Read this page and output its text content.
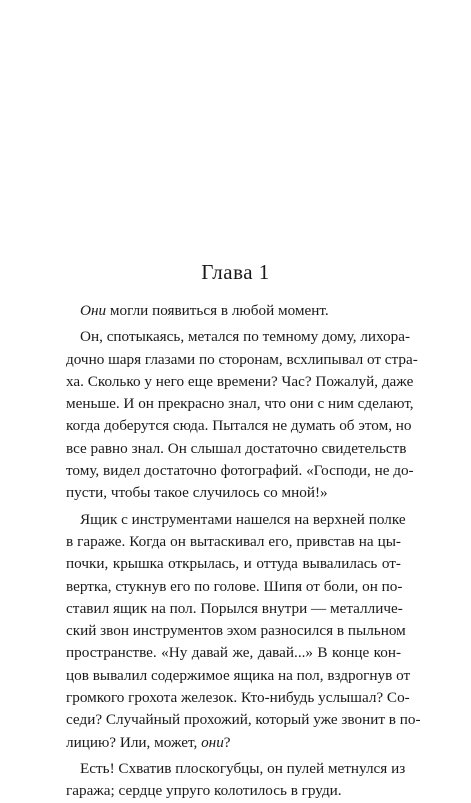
Глава 1
Они могли появиться в любой момент.
Он, спотыкаясь, метался по темному дому, лихора-
дочно шаря глазами по сторонам, всхлипывал от стра-
ха. Сколько у него еще времени? Час? Пожалуй, даже
меньше. И он прекрасно знал, что они с ним сделают,
когда доберутся сюда. Пытался не думать об этом, но
все равно знал. Он слышал достаточно свидетельств
тому, видел достаточно фотографий. «Господи, не до-
пусти, чтобы такое случилось со мной!»
Ящик с инструментами нашелся на верхней полке
в гараже. Когда он вытаскивал его, привстав на цы-
почки, крышка открылась, и оттуда вывалилась от-
вертка, стукнув его по голове. Шипя от боли, он по-
ставил ящик на пол. Порылся внутри — металличе-
ский звон инструментов эхом разносился в пыльном
пространстве. «Ну давай же, давай...» В конце кон-
цов вывалил содержимое ящика на пол, вздрогнув от
громкого грохота железок. Кто-нибудь услышал? Со-
седи? Случайный прохожий, который уже звонит в по-
лицию? Или, может, они?
Есть! Схватив плоскогубцы, он пулей метнулся из
гаража; сердце упруго колотилось в груди.
